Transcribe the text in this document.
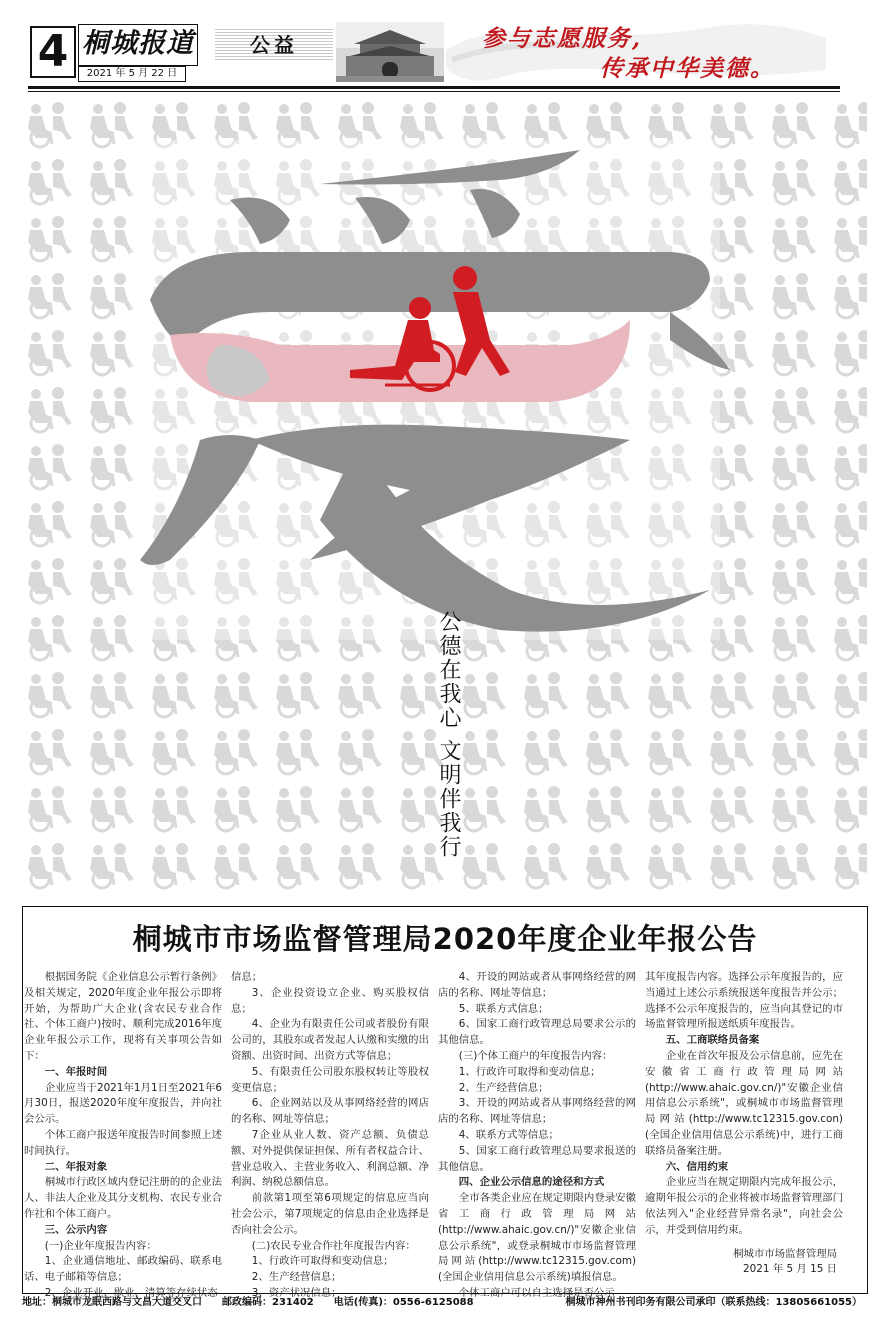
4 桐城报道
2021 年 5 月 22 日
公益	参与志愿服务,
传承中华美德。
公德在我心 文明伴我行
桐城市市场监督管理局2020年度企业年报公告

根据国务院《企业信息公示暂行条例》及相关规定，2020年度企业年报公示即将开始，为帮助广大企业(含农民专业合作社、个体工商户)按时、顺利完成2016年度企业年报公示工作，现将有关事项公告如下：

一、年报时间

企业应当于2021年1月1日至2021年6月30日，报送2020年度年度报告，并向社会公示。

个体工商户报送年度报告时间参照上述时间执行。

二、年报对象

桐城市行政区域内登记注册的的企业法人、非法人企业及其分支机构、农民专业合作社和个体工商户。

三、公示内容

(一)企业年度报告内容：

1、企业通信地址、邮政编码、联系电话、电子邮箱等信息；

2、企业开业、歇业、清算等存续状态

信息；

3、企业投资设立企业、购买股权信息；

4、企业为有限责任公司或者股份有限公司的，其股东或者发起人认缴和实缴的出资额、出资时间、出资方式等信息；

5、有限责任公司股东股权转让等股权变更信息；

6、企业网站以及从事网络经营的网店的名称、网址等信息；

7企业从业人数、资产总额、负债总额、对外提供保证担保、所有者权益合计、营业总收入、主营业务收入、利润总额、净利润、纳税总额信息。

前款第1项至第6项规定的信息应当向社会公示，第7项规定的信息由企业选择是否向社会公示。

(二)农民专业合作社年度报告内容：

1、行政许可取得和变动信息；

2、生产经营信息；

3、资产状况信息；

4、开设的网站或者从事网络经营的网店的名称、网址等信息；

5、联系方式信息；

6、国家工商行政管理总局要求公示的其他信息。

(三)个体工商户的年度报告内容：

1、行政许可取得和变动信息；

2、生产经营信息；

3、开设的网站或者从事网络经营的网店的名称、网址等信息；

4、联系方式等信息；

5、国家工商行政管理总局要求报送的其他信息。

四、企业公示信息的途径和方式

全市各类企业应在规定期限内登录安徽省工商行政管理局网站(http://www.ahaic.gov.cn/)"安徽企业信息公示系统"，或登录桐城市市场监督管理局网站(http://www.tc12315.gov.com)(全国企业信用信息公示系统)填报信息。

个体工商户可以自主选择是否公示

其年度报告内容。选择公示年度报告的，应当通过上述公示系统报送年度报告并公示；选择不公示年度报告的，应当向其登记的市场监督管理所报送纸质年度报告。

五、工商联络员备案

企业在首次年报及公示信息前，应先在安徽省工商行政管理局网站(http://www.ahaic.gov.cn/)"安徽企业信用信息公示系统"，或桐城市市场监督管理局网站(http://www.tc12315.gov.con)(全国企业信用信息公示系统)中，进行工商联络员备案注册。

六、信用约束

企业应当在规定期限内完成年报公示，逾期年报公示的企业将被市场监督管理部门依法列入"企业经营异常名录"，向社会公示，并受到信用约束。

桐城市市场监督管理局

2021 年 5 月 15 日

地址：桐城市龙眠西路与文昌大道交叉口　　邮政编码：231402　　电话(传真)：0556-6125088	桐城市神州书刊印务有限公司承印（联系热线：13805661055）
